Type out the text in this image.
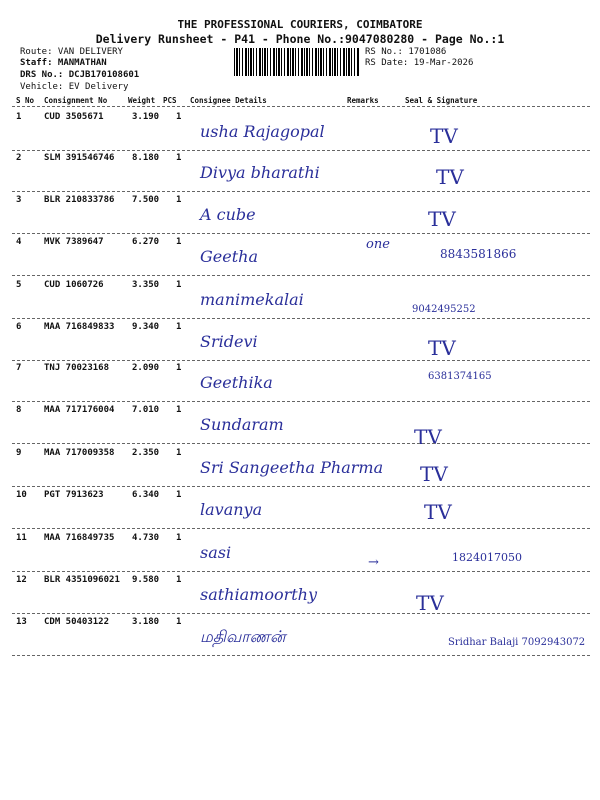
THE PROFESSIONAL COURIERS, COIMBATORE
Delivery Runsheet - P41 - Phone No.:9047080280 - Page No.:1
Route: VAN DELIVERY
Staff: MANMATHAN
DRS No.: DCJB170108601
Vehicle: EV Delivery
RS No.: 1701086
RS Date: 19-Mar-2026
S No Consignment No	Weight PCS Consignee Details	Remarks	Seal & Signature
1	CUD 3505671	3.190 1
usha Rajagopal	TV
2	SLM 391546746 8.180 1
Divya bharathi	TV
3	BLR 210833786 7.500 1
A cube	TV
4	MVK 7389647	6.270 1
Geetha
one
8843581866
5	CUD 1060726	3.350 1
manimekalai
9042495252
6	MAA 716849833 9.340 1
Sridevi	TV
7	TNJ 70023168	2.090 1
Geethika	6381374165
8	MAA 717176004 7.010 1
Sundaram
TV
9	MAA 717009358 2.350 1
Sri Sangeetha Pharma TV
10 PGT 7913623	6.340 1
lavanya	TV
11 MAA 716849735 4.730 1
sasi
→	1824017050
12 BLR 4351096021 9.580 1
sathiamoorthy	TV
13 CDM 50403122	3.180 1
மதிவாணன்	Sridhar Balaji 7092943072
